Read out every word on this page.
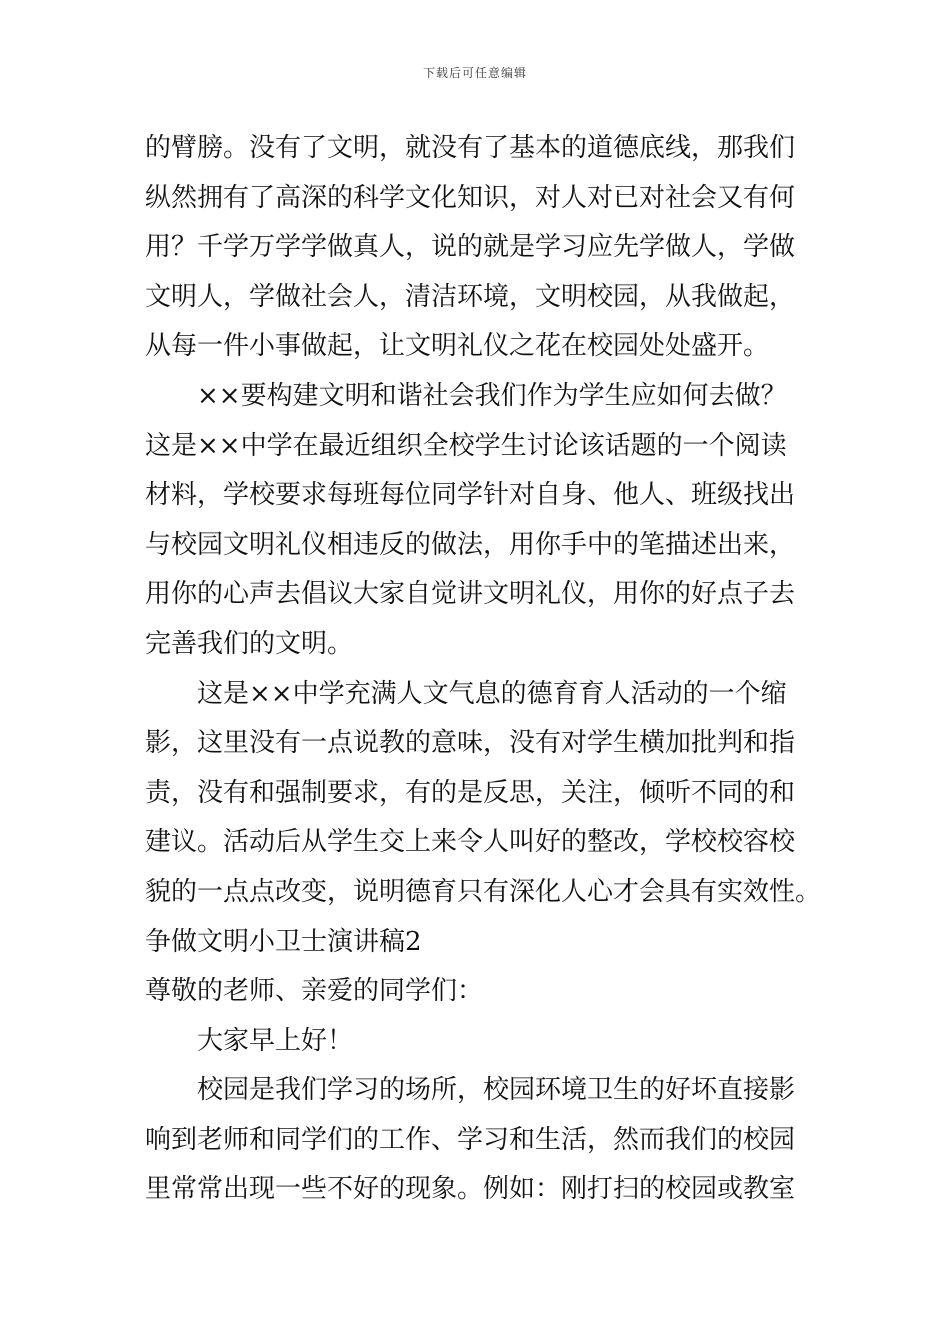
下载后可任意编辑
的臂膀。没有了文明，就没有了基本的道德底线，那我们
纵然拥有了高深的科学文化知识，对人对已对社会又有何
用？千学万学学做真人，说的就是学习应先学做人，学做
文明人，学做社会人，清洁环境，文明校园，从我做起，
从每一件小事做起，让文明礼仪之花在校园处处盛开。
××要构建文明和谐社会我们作为学生应如何去做？
这是××中学在最近组织全校学生讨论该话题的一个阅读
材料，学校要求每班每位同学针对自身、他人、班级找出
与校园文明礼仪相违反的做法，用你手中的笔描述出来，
用你的心声去倡议大家自觉讲文明礼仪，用你的好点子去
完善我们的文明。
这是××中学充满人文气息的德育育人活动的一个缩
影，这里没有一点说教的意味，没有对学生横加批判和指
责，没有和强制要求，有的是反思，关注，倾听不同的和
建议。活动后从学生交上来令人叫好的整改，学校校容校
貌的一点点改变，说明德育只有深化人心才会具有实效性。
争做文明小卫士演讲稿2
尊敬的老师、亲爱的同学们：
大家早上好！
校园是我们学习的场所，校园环境卫生的好坏直接影
响到老师和同学们的工作、学习和生活，然而我们的校园
里常常出现一些不好的现象。例如：刚打扫的校园或教室
